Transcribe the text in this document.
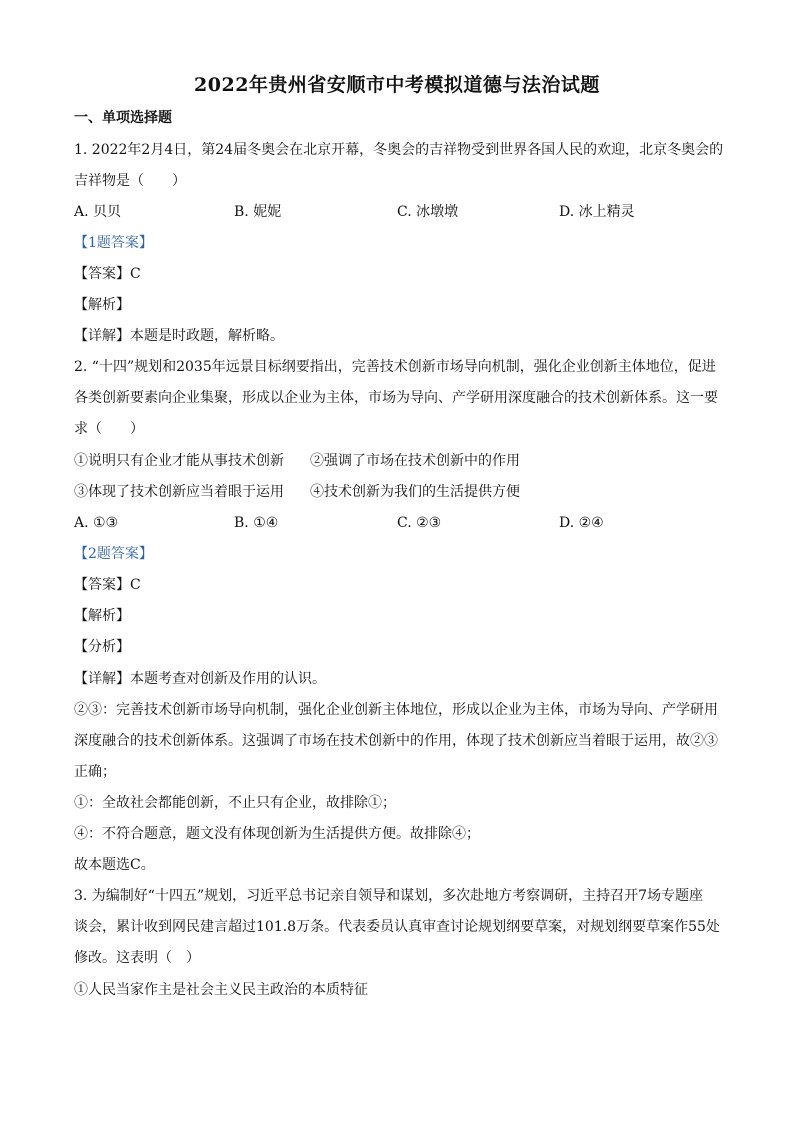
2022年贵州省安顺市中考模拟道德与法治试题
一、单项选择题
1. 2022年2月4日，第24届冬奥会在北京开幕，冬奥会的吉祥物受到世界各国人民的欢迎，北京冬奥会的
吉祥物是（　　）
A. 贝贝	B. 妮妮	C. 冰墩墩	D. 冰上精灵
【1题答案】
【答案】C
【解析】
【详解】本题是时政题，解析略。
2. “十四”规划和2035年远景目标纲要指出，完善技术创新市场导向机制，强化企业创新主体地位，促进
各类创新要素向企业集聚，形成以企业为主体，市场为导向、产学研用深度融合的技术创新体系。这一要
求（　　）
①说明只有企业才能从事技术创新 ②强调了市场在技术创新中的作用
③体现了技术创新应当着眼于运用 ④技术创新为我们的生活提供方便
A. ①③	B. ①④	C. ②③	D. ②④
【2题答案】
【答案】C
【解析】
【分析】
【详解】本题考查对创新及作用的认识。
②③：完善技术创新市场导向机制，强化企业创新主体地位，形成以企业为主体，市场为导向、产学研用
深度融合的技术创新体系。这强调了市场在技术创新中的作用，体现了技术创新应当着眼于运用，故②③
正确；
①：全故社会都能创新，不止只有企业，故排除①；
④：不符合题意，题文没有体现创新为生活提供方便。故排除④；
故本题选C。
3. 为编制好“十四五”规划，习近平总书记亲自领导和谋划，多次赴地方考察调研，主持召开7场专题座
谈会，累计收到网民建言超过101.8万条。代表委员认真审查讨论规划纲要草案，对规划纲要草案作55处
修改。这表明（　）
①人民当家作主是社会主义民主政治的本质特征
